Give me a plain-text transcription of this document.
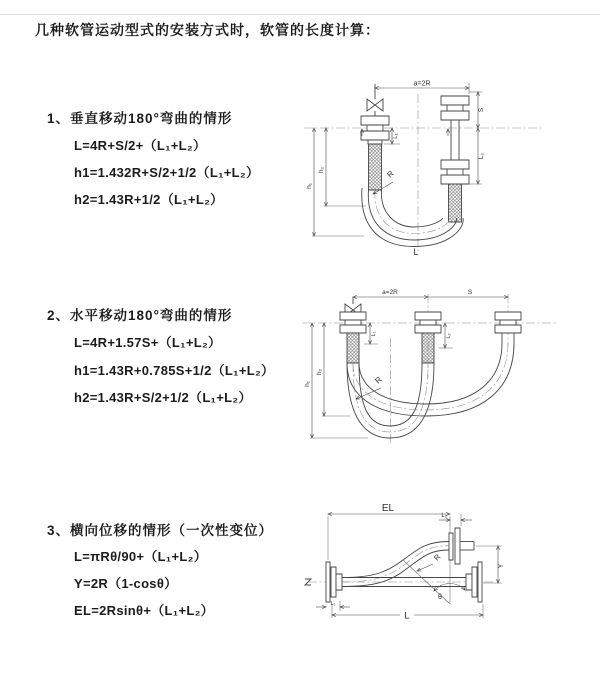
几种软管运动型式的安装方式时，软管的长度计算：
1、垂直移动180°弯曲的情形
L=4R+S/2+（L₁+L₂）
h1=1.432R+S/2+1/2（L₁+L₂）
h2=1.43R+1/2（L₁+L₂）
2、水平移动180°弯曲的情形
L=4R+1.57S+（L₁+L₂）
h1=1.43R+0.785S+1/2（L₁+L₂）
h2=1.43R+S/2+1/2（L₁+L₂）
3、横向位移的情形（一次性变位）
L=πRθ/90+（L₁+L₂）
Y=2R（1-cosθ）
EL=2Rsinθ+（L₁+L₂）
a=2R
R
L
h₁
h₂
L₁
S
L₂
a=2R	S
h₁
h₂
L₁	L₂
R
EL
L₂
Y
θ
R
L
L₁
